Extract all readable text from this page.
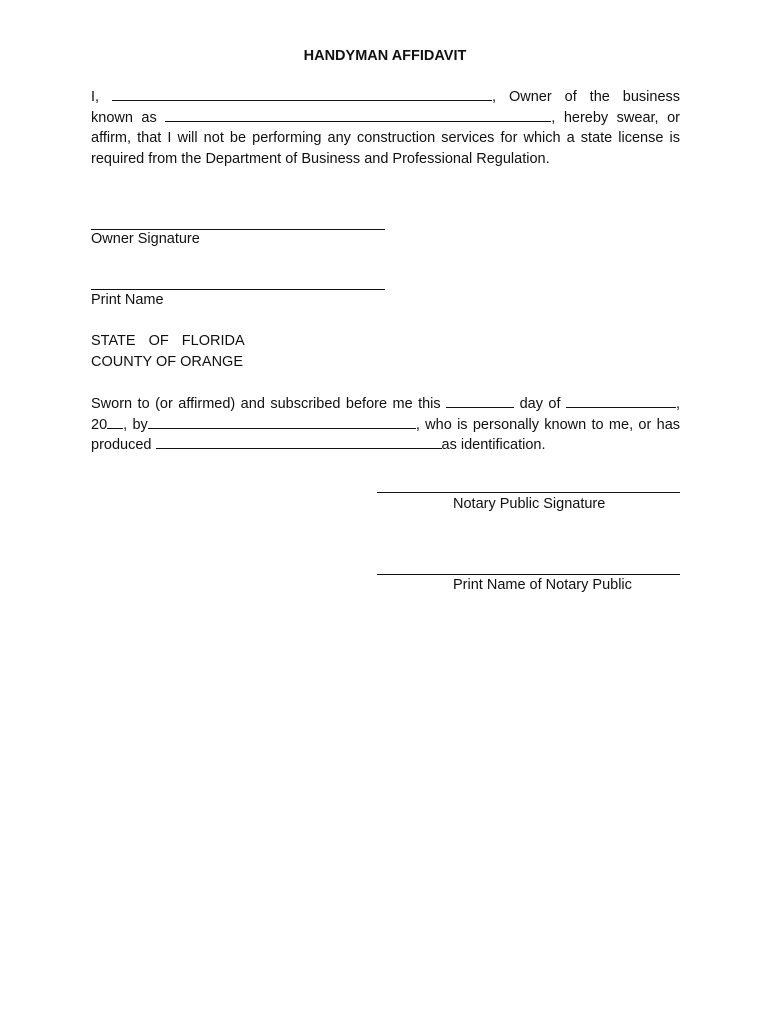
HANDYMAN AFFIDAVIT
I,	, Owner of the business known as	, hereby swear, or affirm, that I will not be performing any construction services for which a state license is required from the Department of Business and Professional Regulation.
Owner Signature
Print Name
STATE OF FLORIDA
COUNTY OF ORANGE
Sworn to (or affirmed) and subscribed before me this	day of	, 20 , by	, who is personally known to me, or has produced	as identification.
Notary Public Signature
Print Name of Notary Public
